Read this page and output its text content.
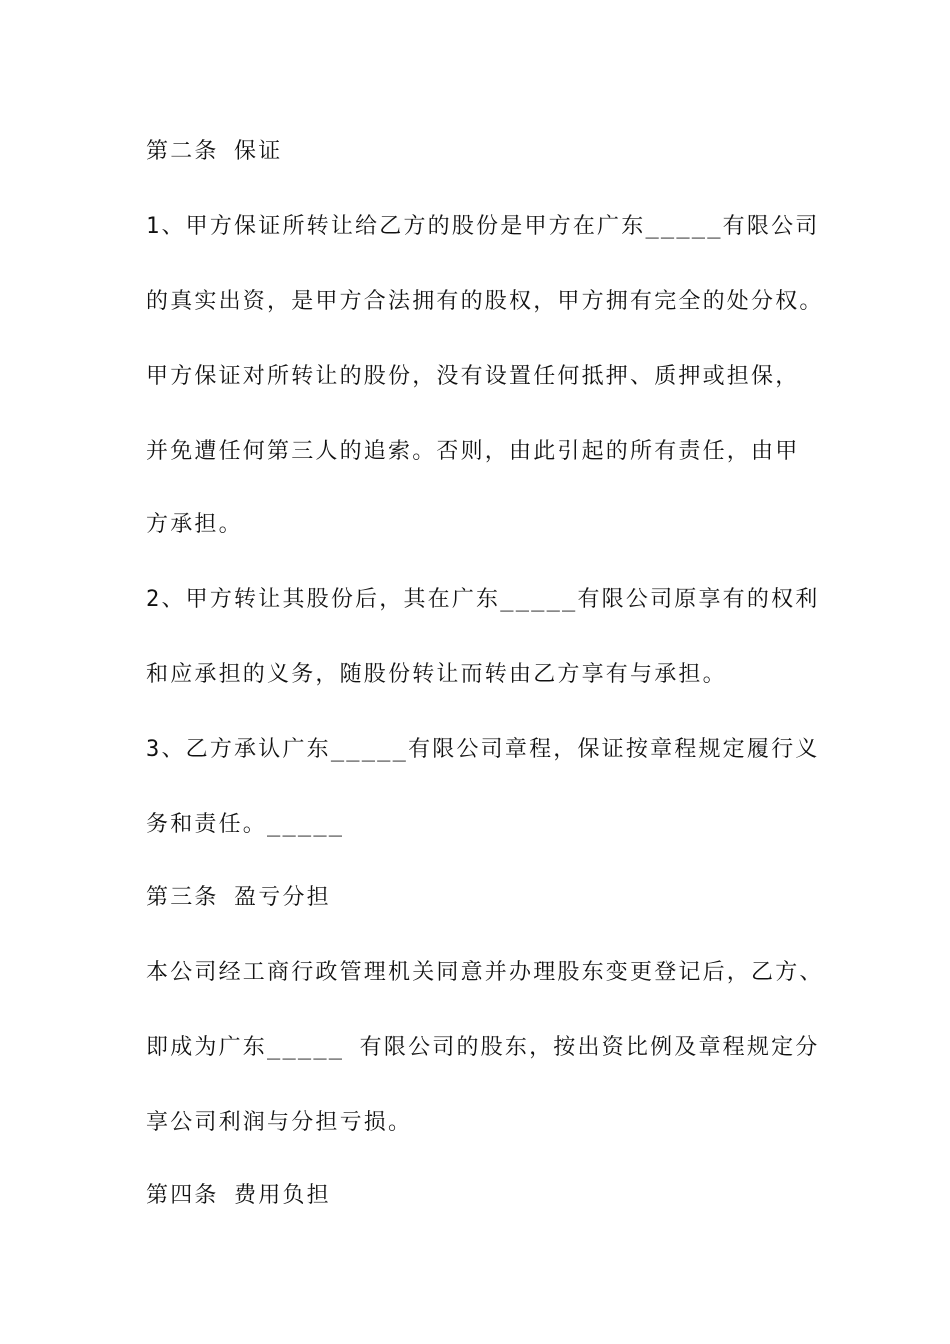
第二条 保证
1、甲方保证所转让给乙方的股份是甲方在广东_____有限公司
的真实出资，是甲方合法拥有的股权，甲方拥有完全的处分权。
甲方保证对所转让的股份，没有设置任何抵押、质押或担保，
并免遭任何第三人的追索。否则，由此引起的所有责任，由甲
方承担。
2、甲方转让其股份后，其在广东_____有限公司原享有的权利
和应承担的义务，随股份转让而转由乙方享有与承担。
3、乙方承认广东_____有限公司章程，保证按章程规定履行义
务和责任。_____
第三条 盈亏分担
本公司经工商行政管理机关同意并办理股东变更登记后，乙方、
即成为广东_____ 有限公司的股东，按出资比例及章程规定分
享公司利润与分担亏损。
第四条 费用负担
